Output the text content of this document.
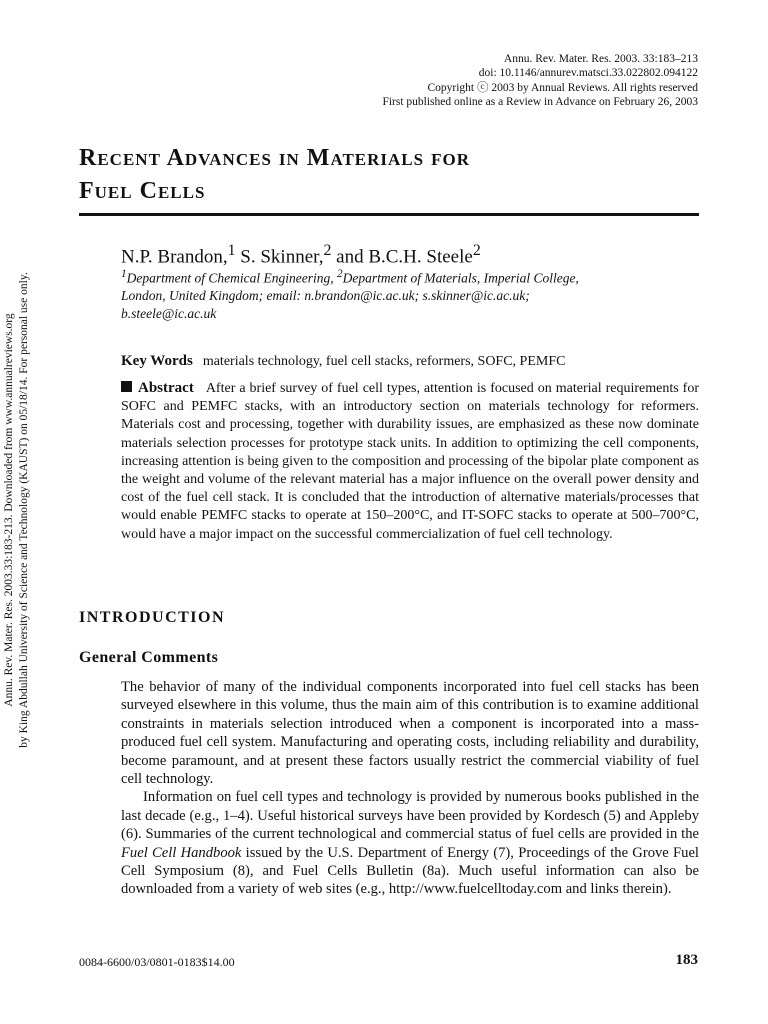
Annu. Rev. Mater. Res. 2003. 33:183–213
doi: 10.1146/annurev.matsci.33.022802.094122
Copyright ⓒ 2003 by Annual Reviews. All rights reserved
First published online as a Review in Advance on February 26, 2003
Annu. Rev. Mater. Res. 2003.33:183-213. Downloaded from www.annualreviews.org by King Abdullah University of Science and Technology (KAUST) on 05/18/14. For personal use only.
Recent Advances in Materials for
Fuel Cells
N.P. Brandon,$^1$ S. Skinner,$^2$ and B.C.H. Steele$^2$
$^1$Department of Chemical Engineering, $^2$Department of Materials, Imperial College,
London, United Kingdom; email: n.brandon@ic.ac.uk; s.skinner@ic.ac.uk;
b.steele@ic.ac.uk
Key Words materials technology, fuel cell stacks, reformers, SOFC, PEMFC

Abstract After a brief survey of fuel cell types, attention is focused on material requirements for SOFC and PEMFC stacks, with an introductory section on materials technology for reformers. Materials cost and processing, together with durability issues, are emphasized as these now dominate materials selection processes for prototype stack units. In addition to optimizing the cell components, increasing attention is being given to the composition and processing of the bipolar plate component as the weight and volume of the relevant material has a major influence on the overall power density and cost of the fuel cell stack. It is concluded that the introduction of alternative materials/processes that would enable PEMFC stacks to operate at 150–200°C, and IT-SOFC stacks to operate at 500–700°C, would have a major impact on the successful commercialization of fuel cell technology.

INTRODUCTION
General Comments

The behavior of many of the individual components incorporated into fuel cell stacks has been surveyed elsewhere in this volume, thus the main aim of this contribution is to examine additional constraints in materials selection introduced when a component is incorporated into a mass-produced fuel cell system. Manufacturing and operating costs, including reliability and durability, become paramount, and at present these factors usually restrict the commercial viability of fuel cell technology.

Information on fuel cell types and technology is provided by numerous books published in the last decade (e.g., 1–4). Useful historical surveys have been provided by Kordesch (5) and Appleby (6). Summaries of the current technological and commercial status of fuel cells are provided in the Fuel Cell Handbook issued by the U.S. Department of Energy (7), Proceedings of the Grove Fuel Cell Symposium (8), and Fuel Cells Bulletin (8a). Much useful information can also be downloaded from a variety of web sites (e.g., http://www.fuelcelltoday.com and links therein).

0084-6600/03/0801-0183$14.00	183
